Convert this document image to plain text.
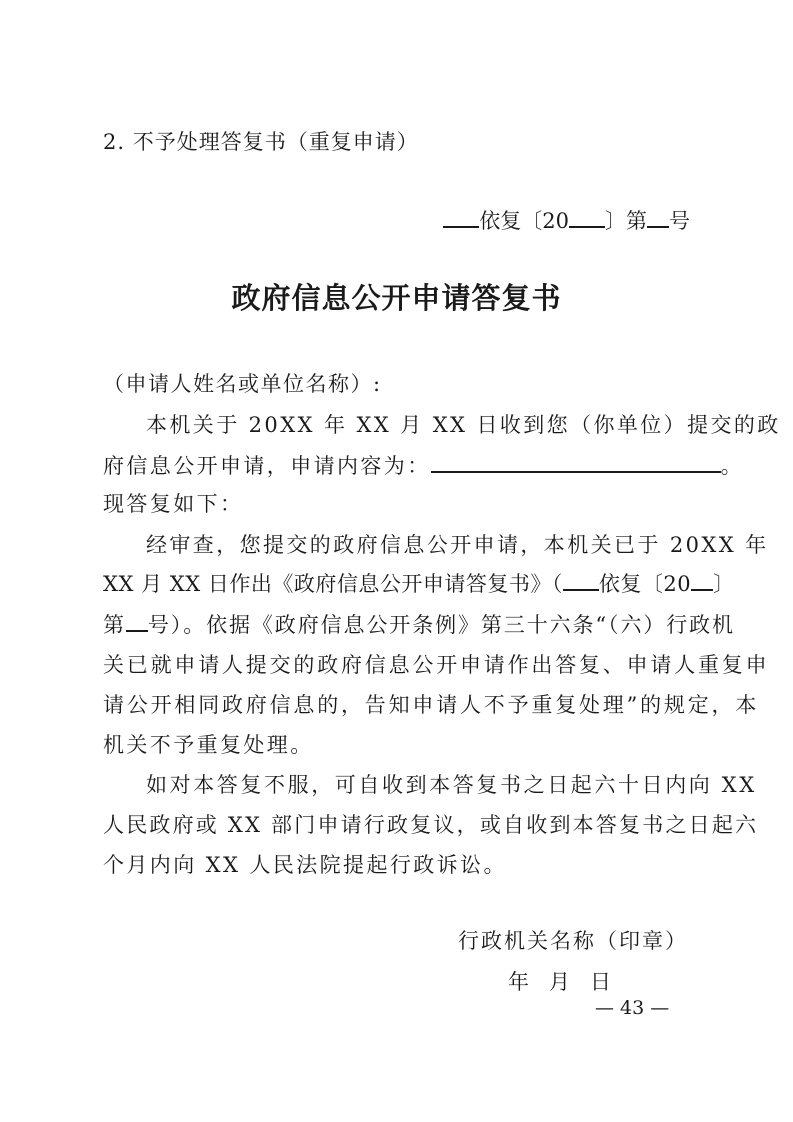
2. 不予处理答复书（重复申请）
依复〔20 〕第 号
政府信息公开申请答复书
（申请人姓名或单位名称）:
本机关于 20XX 年 XX 月 XX 日收到您（你单位）提交的政
府信息公开申请，申请内容为：	。
现答复如下：
经审查，您提交的政府信息公开申请，本机关已于 20XX 年
XX 月 XX 日作出《政府信息公开申请答复书》（ 依复〔20 〕
第 号）。依据《政府信息公开条例》第三十六条“（六）行政机
关已就申请人提交的政府信息公开申请作出答复、申请人重复申
请公开相同政府信息的，告知申请人不予重复处理”的规定，本
机关不予重复处理。
如对本答复不服，可自收到本答复书之日起六十日内向 XX
人民政府或 XX 部门申请行政复议，或自收到本答复书之日起六
个月内向 XX 人民法院提起行政诉讼。
行政机关名称（印章）
年 月 日
— 43 —
